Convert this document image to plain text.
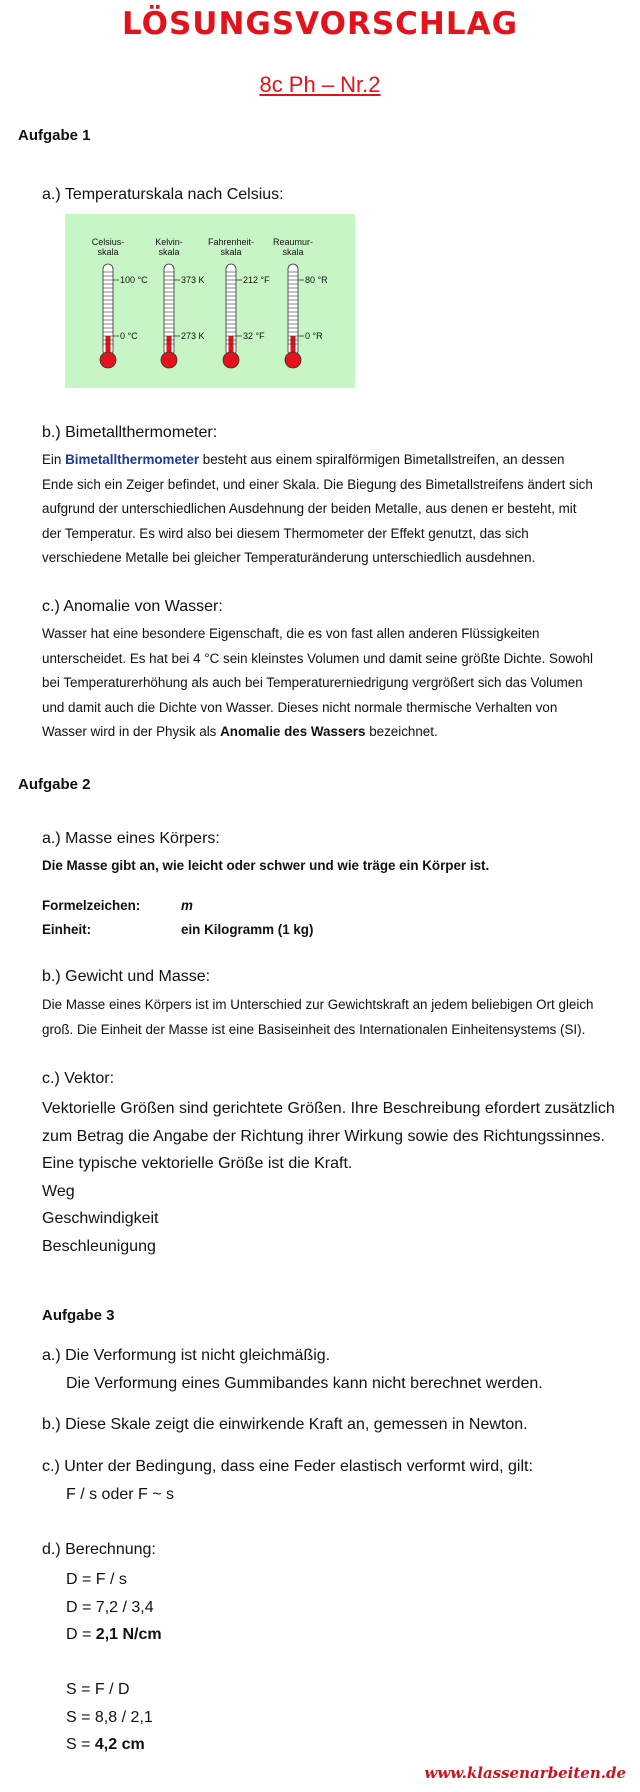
LÖSUNGSVORSCHLAG
8c Ph – Nr.2
Aufgabe 1
a.) Temperaturskala nach Celsius:
Celsius-
skala
100 °C
0 °C
Kelvin-
skala
373 K
273 K
Fahrenheit-
skala
212 °F
32 °F
Reaumur-
skala
80 °R
0 °R
b.) Bimetallthermometer:
Ein Bimetallthermometer besteht aus einem spiralförmigen Bimetallstreifen, an dessen
Ende sich ein Zeiger befindet, und einer Skala. Die Biegung des Bimetallstreifens ändert sich
aufgrund der unterschiedlichen Ausdehnung der beiden Metalle, aus denen er besteht, mit
der Temperatur. Es wird also bei diesem Thermometer der Effekt genutzt, das sich
verschiedene Metalle bei gleicher Temperaturänderung unterschiedlich ausdehnen.
c.) Anomalie von Wasser:
Wasser hat eine besondere Eigenschaft, die es von fast allen anderen Flüssigkeiten
unterscheidet. Es hat bei 4 °C sein kleinstes Volumen und damit seine größte Dichte. Sowohl
bei Temperaturerhöhung als auch bei Temperaturerniedrigung vergrößert sich das Volumen
und damit auch die Dichte von Wasser. Dieses nicht normale thermische Verhalten von
Wasser wird in der Physik als Anomalie des Wassers bezeichnet.
Aufgabe 2
a.) Masse eines Körpers:
Die Masse gibt an, wie leicht oder schwer und wie träge ein Körper ist.
Formelzeichen:	m
Einheit:	ein Kilogramm (1 kg)
b.) Gewicht und Masse:
Die Masse eines Körpers ist im Unterschied zur Gewichtskraft an jedem beliebigen Ort gleich
groß. Die Einheit der Masse ist eine Basiseinheit des Internationalen Einheitensystems (SI).
c.) Vektor:
Vektorielle Größen sind gerichtete Größen. Ihre Beschreibung efordert zusätzlich
zum Betrag die Angabe der Richtung ihrer Wirkung sowie des Richtungssinnes.
Eine typische vektorielle Größe ist die Kraft.
Weg
Geschwindigkeit
Beschleunigung
Aufgabe 3
a.) Die Verformung ist nicht gleichmäßig.
Die Verformung eines Gummibandes kann nicht berechnet werden.
b.) Diese Skale zeigt die einwirkende Kraft an, gemessen in Newton.
c.) Unter der Bedingung, dass eine Feder elastisch verformt wird, gilt:
F / s oder F ~ s
d.) Berechnung:
D = F / s
D = 7,2 / 3,4
D = 2,1 N/cm
S = F / D
S = 8,8 / 2,1
S = 4,2 cm
www.klassenarbeiten.de
